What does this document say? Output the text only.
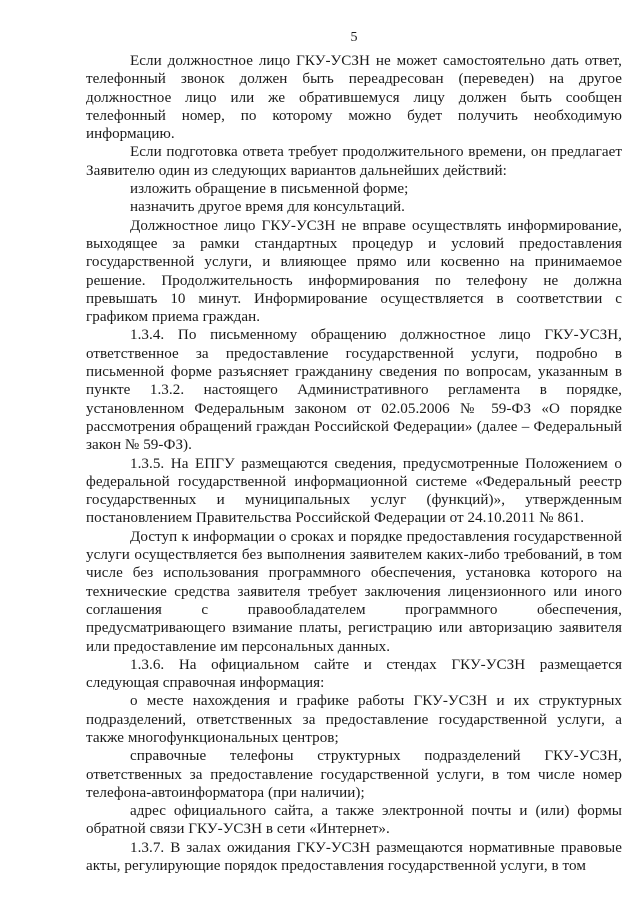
5

Если должностное лицо ГКУ-УСЗН не может самостоятельно дать ответ, телефонный звонок должен быть переадресован (переведен) на другое должностное лицо или же обратившемуся лицу должен быть сообщен телефонный номер, по которому можно будет получить необходимую информацию.

Если подготовка ответа требует продолжительного времени, он предлагает Заявителю один из следующих вариантов дальнейших действий:

изложить обращение в письменной форме;

назначить другое время для консультаций.

Должностное лицо ГКУ-УСЗН не вправе осуществлять информирование, выходящее за рамки стандартных процедур и условий предоставления государственной услуги, и влияющее прямо или косвенно на принимаемое решение. Продолжительность информирования по телефону не должна превышать 10 минут. Информирование осуществляется в соответствии с графиком приема граждан.

1.3.4. По письменному обращению должностное лицо ГКУ-УСЗН, ответственное за предоставление государственной услуги, подробно в письменной форме разъясняет гражданину сведения по вопросам, указанным в пункте 1.3.2. настоящего Административного регламента в порядке, установленном Федеральным законом от 02.05.2006 № 59-ФЗ «О порядке рассмотрения обращений граждан Российской Федерации» (далее – Федеральный закон № 59-ФЗ).

1.3.5. На ЕПГУ размещаются сведения, предусмотренные Положением о федеральной государственной информационной системе «Федеральный реестр государственных и муниципальных услуг (функций)», утвержденным постановлением Правительства Российской Федерации от 24.10.2011 № 861.

Доступ к информации о сроках и порядке предоставления государственной услуги осуществляется без выполнения заявителем каких-либо требований, в том числе без использования программного обеспечения, установка которого на технические средства заявителя требует заключения лицензионного или иного соглашения с правообладателем программного обеспечения, предусматривающего взимание платы, регистрацию или авторизацию заявителя или предоставление им персональных данных.

1.3.6. На официальном сайте и стендах ГКУ-УСЗН размещается следующая справочная информация:

о месте нахождения и графике работы ГКУ-УСЗН и их структурных подразделений, ответственных за предоставление государственной услуги, а также многофункциональных центров;

справочные телефоны структурных подразделений ГКУ-УСЗН, ответственных за предоставление государственной услуги, в том числе номер телефона-автоинформатора (при наличии);

адрес официального сайта, а также электронной почты и (или) формы обратной связи ГКУ-УСЗН в сети «Интернет».

1.3.7. В залах ожидания ГКУ-УСЗН размещаются нормативные правовые акты, регулирующие порядок предоставления государственной услуги, в том
